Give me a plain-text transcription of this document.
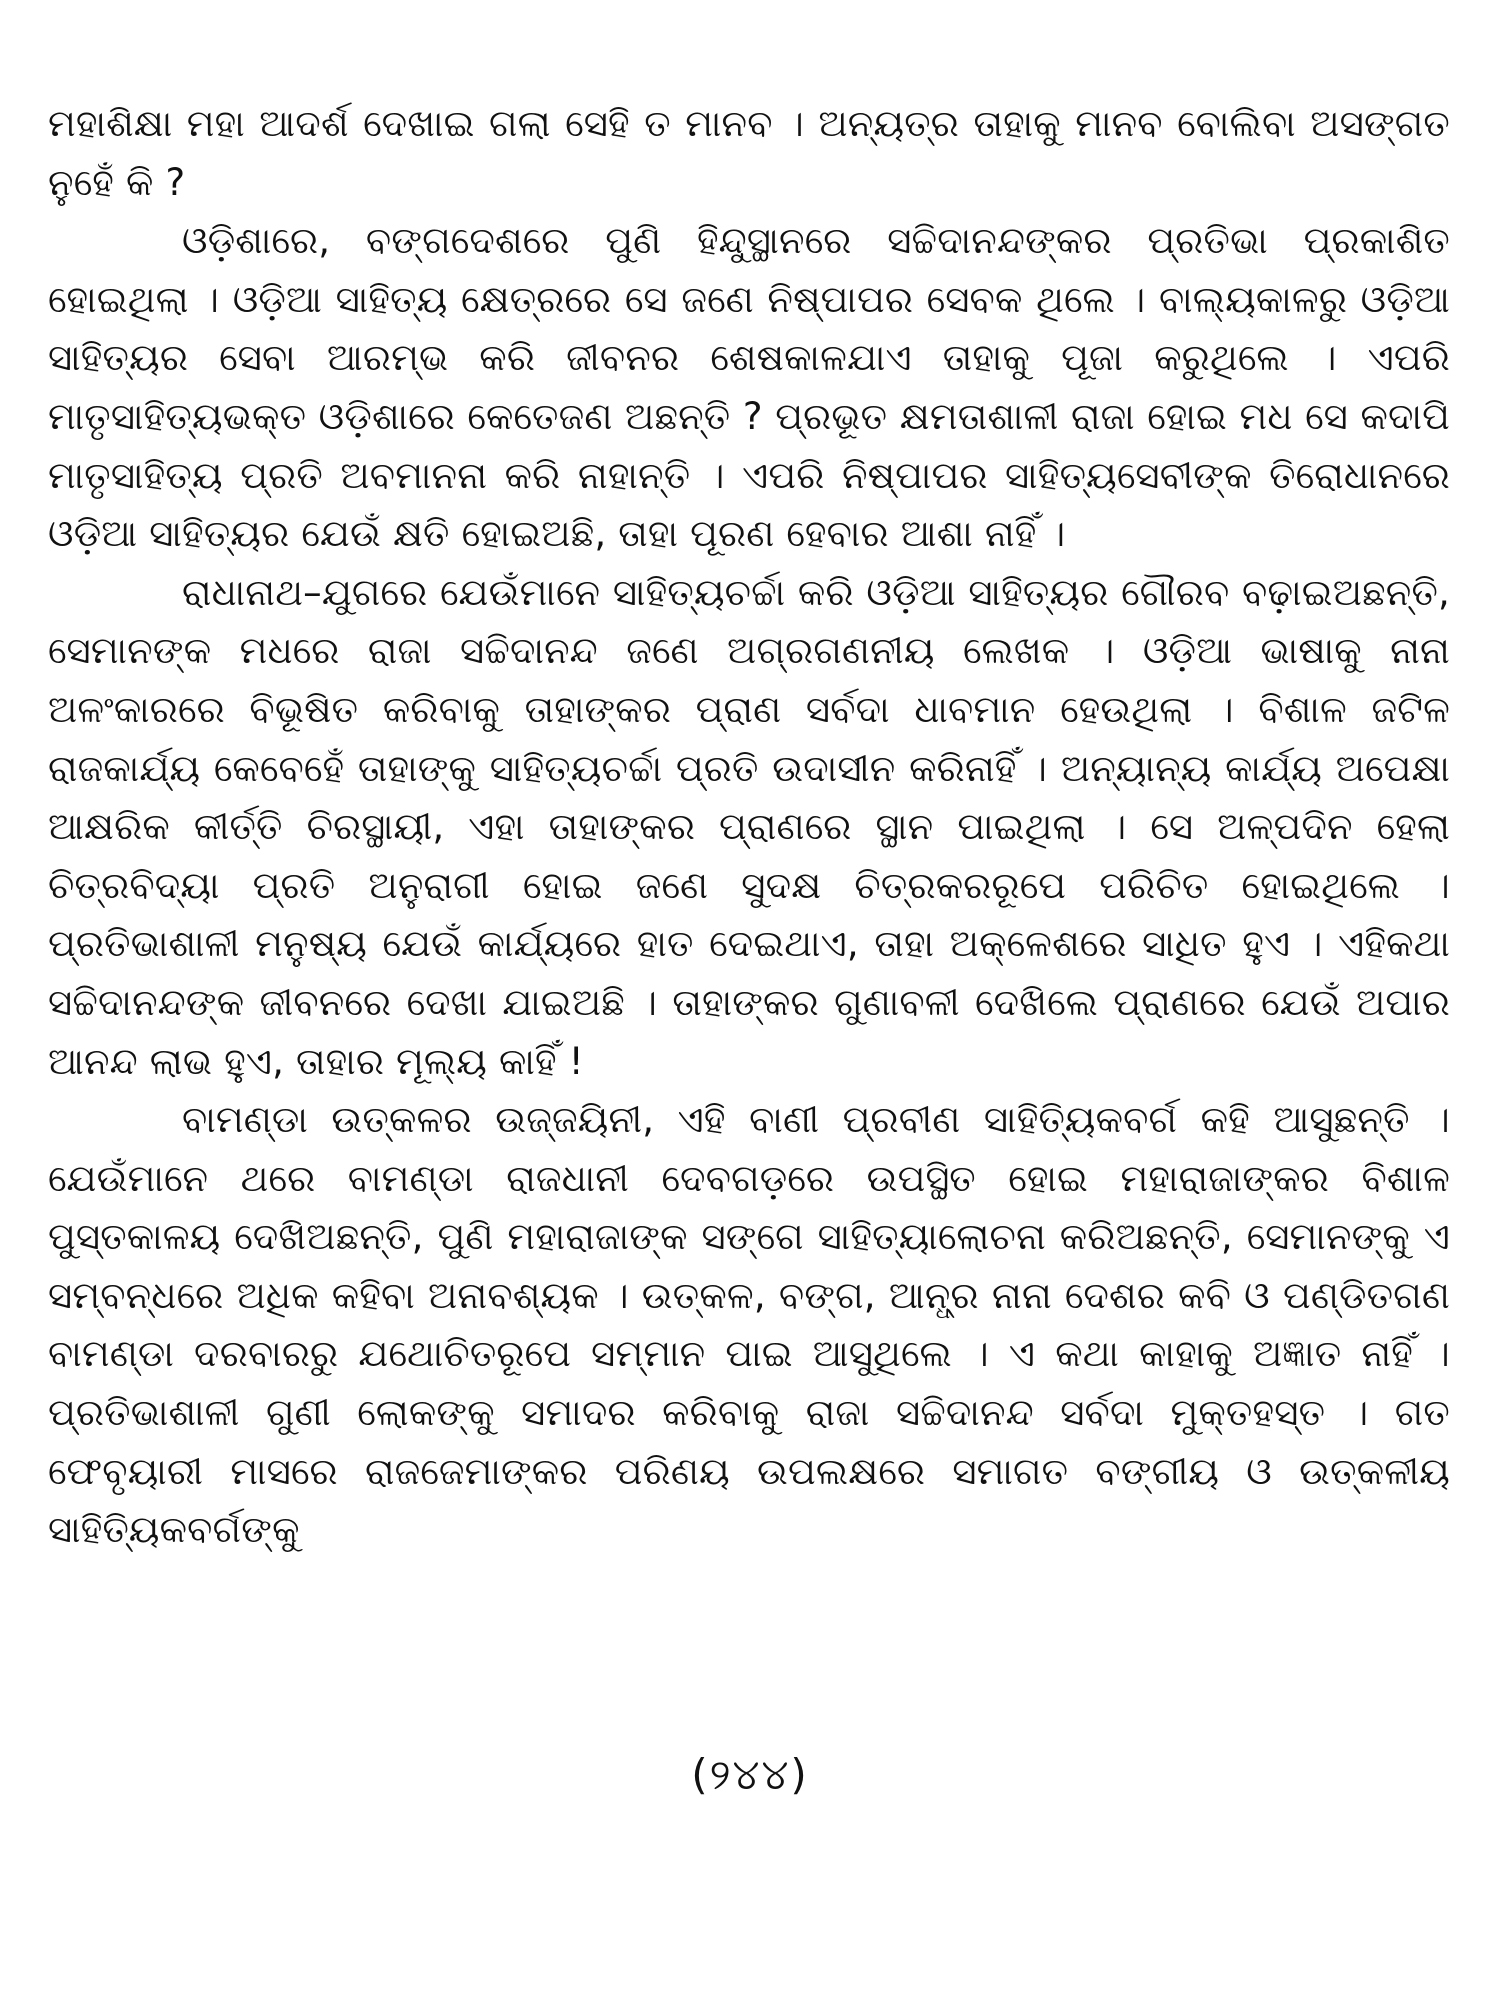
ମହାଶିକ୍ଷା ମହା ଆଦର୍ଶ ଦେଖାଇ ଗଲା ସେହି ତ ମାନବ । ଅନ୍ୟତ୍ର ତାହାକୁ ମାନବ ବୋଲିବା ଅସଙ୍ଗତ ନୁହେଁ କି ?

ଓଡ଼ିଶାରେ, ବଙ୍ଗଦେଶରେ ପୁଣି ହିନ୍ଦୁସ୍ଥାନରେ ସଚ୍ଚିଦାନନ୍ଦଙ୍କର ପ୍ରତିଭା ପ୍ରକାଶିତ ହୋଇଥିଲା । ଓଡ଼ିଆ ସାହିତ୍ୟ କ୍ଷେତ୍ରରେ ସେ ଜଣେ ନିଷ୍ପାପର ସେବକ ଥିଲେ । ବାଲ୍ୟକାଳରୁ ଓଡ଼ିଆ ସାହିତ୍ୟର ସେବା ଆରମ୍ଭ କରି ଜୀବନର ଶେଷକାଳଯାଏ ତାହାକୁ ପୂଜା କରୁଥିଲେ । ଏପରି ମାତୃସାହିତ୍ୟଭକ୍ତ ଓଡ଼ିଶାରେ କେତେଜଣ ଅଛନ୍ତି ? ପ୍ରଭୂତ କ୍ଷମତାଶାଳୀ ରାଜା ହୋଇ ମଧ ସେ କଦାପି ମାତୃସାହିତ୍ୟ ପ୍ରତି ଅବମାନନା କରି ନାହାନ୍ତି । ଏପରି ନିଷ୍ପାପର ସାହିତ୍ୟସେବୀଙ୍କ ତିରୋଧାନରେ ଓଡ଼ିଆ ସାହିତ୍ୟର ଯେଉଁ କ୍ଷତି ହୋଇଅଛି, ତାହା ପୂରଣ ହେବାର ଆଶା ନାହିଁ ।

ରାଧାନାଥ–ଯୁଗରେ ଯେଉଁମାନେ ସାହିତ୍ୟଚର୍ଚ୍ଚା କରି ଓଡ଼ିଆ ସାହିତ୍ୟର ଗୌରବ ବଢ଼ାଇଅଛନ୍ତି, ସେମାନଙ୍କ ମଧରେ ରାଜା ସଚ୍ଚିଦାନନ୍ଦ ଜଣେ ଅଗ୍ରଗଣନୀୟ ଲେଖକ । ଓଡ଼ିଆ ଭାଷାକୁ ନାନା ଅଳଂକାରରେ ବିଭୂଷିତ କରିବାକୁ ତାହାଙ୍କର ପ୍ରାଣ ସର୍ବଦା ଧାବମାନ ହେଉଥିଲା । ବିଶାଳ ଜଟିଳ ରାଜକାର୍ଯ୍ୟ କେବେହେଁ ତାହାଙ୍କୁ ସାହିତ୍ୟଚର୍ଚ୍ଚା ପ୍ରତି ଉଦାସୀନ କରିନାହିଁ । ଅନ୍ୟାନ୍ୟ କାର୍ଯ୍ୟ ଅପେକ୍ଷା ଆକ୍ଷରିକ କୀର୍ତ୍ତି ଚିରସ୍ଥାୟୀ, ଏହା ତାହାଙ୍କର ପ୍ରାଣରେ ସ୍ଥାନ ପାଇଥିଲା । ସେ ଅଳ୍ପଦିନ ହେଲା ଚିତ୍ରବିଦ୍ୟା ପ୍ରତି ଅନୁରାଗୀ ହୋଇ ଜଣେ ସୁଦକ୍ଷ ଚିତ୍ରକରରୂପେ ପରିଚିତ ହୋଇଥିଲେ । ପ୍ରତିଭାଶାଳୀ ମନୁଷ୍ୟ ଯେଉଁ କାର୍ଯ୍ୟରେ ହାତ ଦେଇଥାଏ, ତାହା ଅକ୍ଳେଶରେ ସାଧିତ ହୁଏ । ଏହିକଥା ସଚ୍ଚିଦାନନ୍ଦଙ୍କ ଜୀବନରେ ଦେଖା ଯାଇଅଛି । ତାହାଙ୍କର ଗୁଣାବଳୀ ଦେଖିଲେ ପ୍ରାଣରେ ଯେଉଁ ଅପାର ଆନନ୍ଦ ଲାଭ ହୁଏ, ତାହାର ମୂଲ୍ୟ କାହିଁ !

ବାମଣ୍ଡା ଉତ୍କଳର ଉଜ୍ଜୟିନୀ, ଏହି ବାଣୀ ପ୍ରବୀଣ ସାହିତ୍ୟିକବର୍ଗ କହି ଆସୁଛନ୍ତି । ଯେଉଁମାନେ ଥରେ ବାମଣ୍ଡା ରାଜଧାନୀ ଦେବଗଡ଼ରେ ଉପସ୍ଥିତ ହୋଇ ମହାରାଜାଙ୍କର ବିଶାଳ ପୁସ୍ତକାଳୟ ଦେଖିଅଛନ୍ତି, ପୁଣି ମହାରାଜାଙ୍କ ସଙ୍ଗେ ସାହିତ୍ୟାଲୋଚନା କରିଅଛନ୍ତି, ସେମାନଙ୍କୁ ଏ ସମ୍ବନ୍ଧରେ ଅଧିକ କହିବା ଅନାବଶ୍ୟକ । ଉତ୍କଳ, ବଙ୍ଗ, ଆନ୍ଧ୍ର ନାନା ଦେଶର କବି ଓ ପଣ୍ଡିତଗଣ ବାମଣ୍ଡା ଦରବାରରୁ ଯଥୋଚିତରୂପେ ସମ୍ମାନ ପାଇ ଆସୁଥିଲେ । ଏ କଥା କାହାକୁ ଅଜ୍ଞାତ ନାହିଁ । ପ୍ରତିଭାଶାଳୀ ଗୁଣୀ ଲୋକଙ୍କୁ ସମାଦର କରିବାକୁ ରାଜା ସଚ୍ଚିଦାନନ୍ଦ ସର୍ବଦା ମୁକ୍ତହସ୍ତ । ଗତ ଫେବୃୟାରୀ ମାସରେ ରାଜଜେମାଙ୍କର ପରିଣୟ ଉପଲକ୍ଷରେ ସମାଗତ ବଙ୍ଗୀୟ ଓ ଉତ୍କଳୀୟ ସାହିତ୍ୟିକବର୍ଗଙ୍କୁ

(୨୪୪)
